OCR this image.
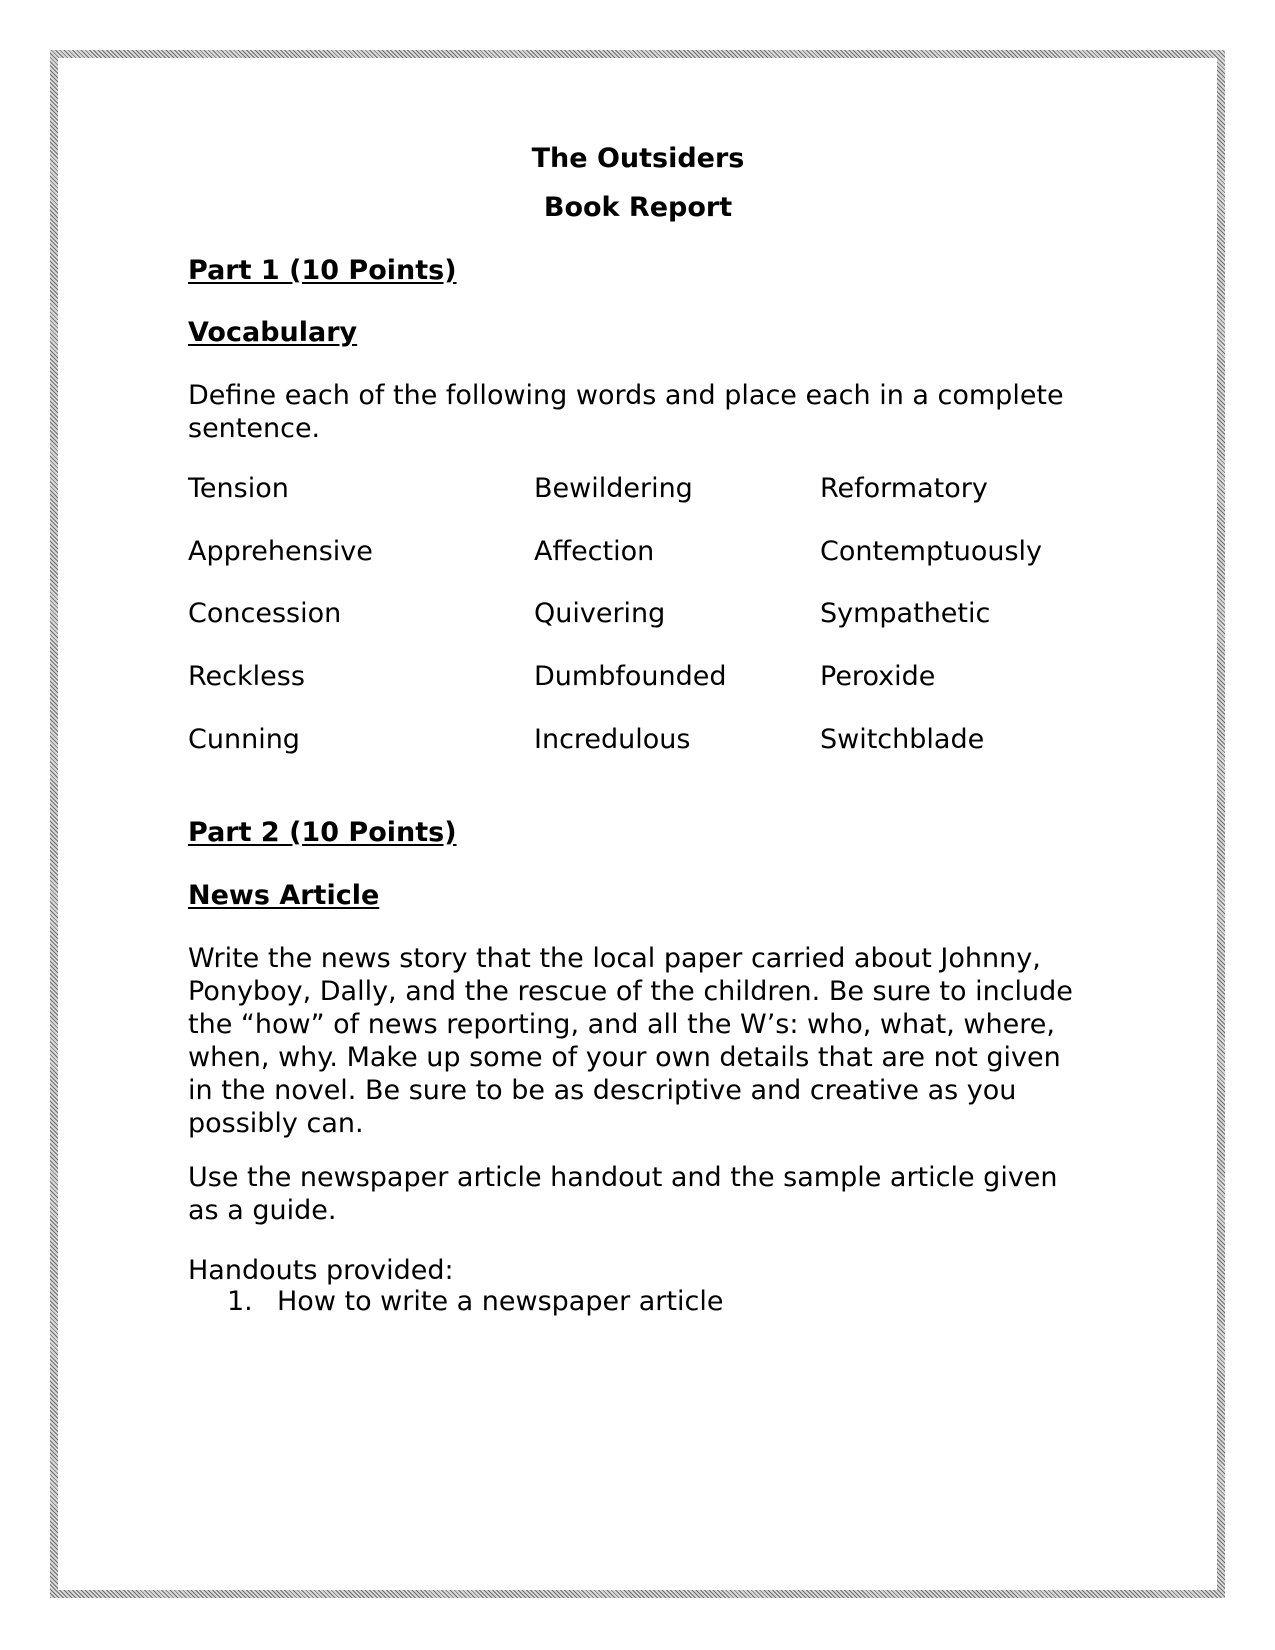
The Outsiders
Book Report
Part 1 (10 Points)
Vocabulary
Define each of the following words and place each in a complete sentence.
Tension	Bewildering	Reformatory
Apprehensive	Affection	Contemptuously
Concession	Quivering	Sympathetic
Reckless	Dumbfounded	Peroxide
Cunning	Incredulous	Switchblade
Part 2 (10 Points)
News Article
Write the news story that the local paper carried about Johnny, Ponyboy, Dally, and the rescue of the children. Be sure to include the “how” of news reporting, and all the W’s: who, what, where, when, why. Make up some of your own details that are not given in the novel. Be sure to be as descriptive and creative as you possibly can.
Use the newspaper article handout and the sample article given as a guide.
Handouts provided:
1. How to write a newspaper article
